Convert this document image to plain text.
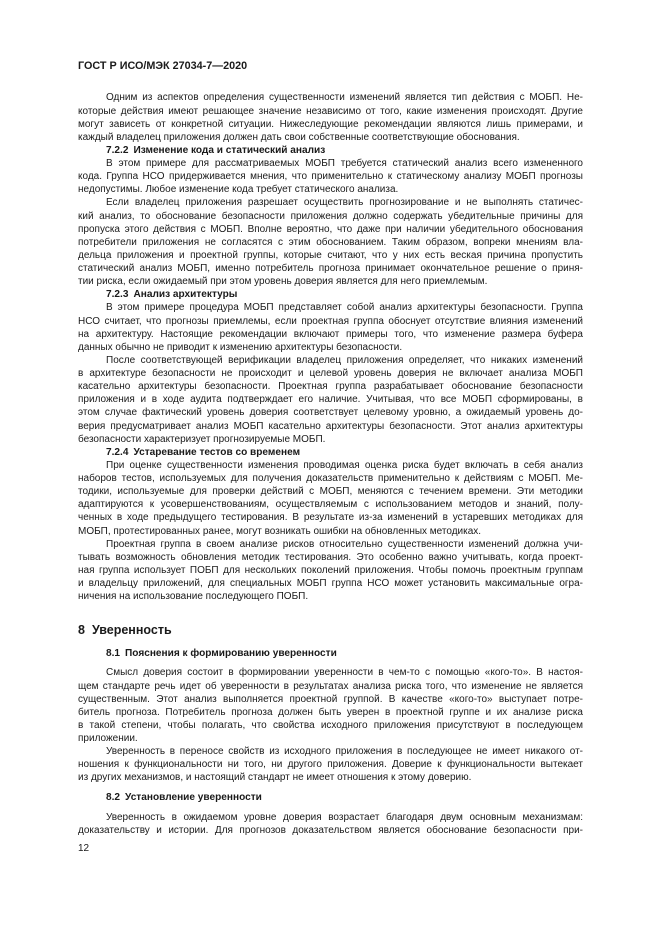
ГОСТ Р ИСО/МЭК 27034-7—2020
Одним из аспектов определения существенности изменений является тип действия с МОБП. Не-
которые действия имеют решающее значение независимо от того, какие изменения происходят. Другие
могут зависеть от конкретной ситуации. Нижеследующие рекомендации являются лишь примерами, и
каждый владелец приложения должен дать свои собственные соответствующие обоснования.
7.2.2 Изменение кода и статический анализ
В этом примере для рассматриваемых МОБП требуется статический анализ всего измененного
кода. Группа НСО придерживается мнения, что применительно к статическому анализу МОБП прогнозы
недопустимы. Любое изменение кода требует статического анализа.
Если владелец приложения разрешает осуществить прогнозирование и не выполнять статичес-
кий анализ, то обоснование безопасности приложения должно содержать убедительные причины для
пропуска этого действия с МОБП. Вполне вероятно, что даже при наличии убедительного обоснования
потребители приложения не согласятся с этим обоснованием. Таким образом, вопреки мнениям вла-
дельца приложения и проектной группы, которые считают, что у них есть веская причина пропустить
статический анализ МОБП, именно потребитель прогноза принимает окончательное решение о приня-
тии риска, если ожидаемый при этом уровень доверия является для него приемлемым.
7.2.3 Анализ архитектуры
В этом примере процедура МОБП представляет собой анализ архитектуры безопасности. Группа
НСО считает, что прогнозы приемлемы, если проектная группа обоснует отсутствие влияния изменений
на архитектуру. Настоящие рекомендации включают примеры того, что изменение размера буфера
данных обычно не приводит к изменению архитектуры безопасности.
После соответствующей верификации владелец приложения определяет, что никаких изменений
в архитектуре безопасности не происходит и целевой уровень доверия не включает анализа МОБП
касательно архитектуры безопасности. Проектная группа разрабатывает обоснование безопасности
приложения и в ходе аудита подтверждает его наличие. Учитывая, что все МОБП сформированы, в
этом случае фактический уровень доверия соответствует целевому уровню, а ожидаемый уровень до-
верия предусматривает анализ МОБП касательно архитектуры безопасности. Этот анализ архитектуры
безопасности характеризует прогнозируемые МОБП.
7.2.4 Устаревание тестов со временем
При оценке существенности изменения проводимая оценка риска будет включать в себя анализ
наборов тестов, используемых для получения доказательств применительно к действиям с МОБП. Ме-
тодики, используемые для проверки действий с МОБП, меняются с течением времени. Эти методики
адаптируются к усовершенствованиям, осуществляемым с использованием методов и знаний, полу-
ченных в ходе предыдущего тестирования. В результате из-за изменений в устаревших методиках для
МОБП, протестированных ранее, могут возникать ошибки на обновленных методиках.
Проектная группа в своем анализе рисков относительно существенности изменений должна учи-
тывать возможность обновления методик тестирования. Это особенно важно учитывать, когда проект-
ная группа использует ПОБП для нескольких поколений приложения. Чтобы помочь проектным группам
и владельцу приложений, для специальных МОБП группа НСО может установить максимальные огра-
ничения на использование последующего ПОБП.
8 Уверенность
8.1 Пояснения к формированию уверенности
Смысл доверия состоит в формировании уверенности в чем-то с помощью «кого-то». В настоя-
щем стандарте речь идет об уверенности в результатах анализа риска того, что изменение не является
существенным. Этот анализ выполняется проектной группой. В качестве «кого-то» выступает потре-
битель прогноза. Потребитель прогноза должен быть уверен в проектной группе и их анализе риска
в такой степени, чтобы полагать, что свойства исходного приложения присутствуют в последующем
приложении.
Уверенность в переносе свойств из исходного приложения в последующее не имеет никакого от-
ношения к функциональности ни того, ни другого приложения. Доверие к функциональности вытекает
из других механизмов, и настоящий стандарт не имеет отношения к этому доверию.
8.2 Установление уверенности
Уверенность в ожидаемом уровне доверия возрастает благодаря двум основным механизмам:
доказательству и истории. Для прогнозов доказательством является обоснование безопасности при-
12
